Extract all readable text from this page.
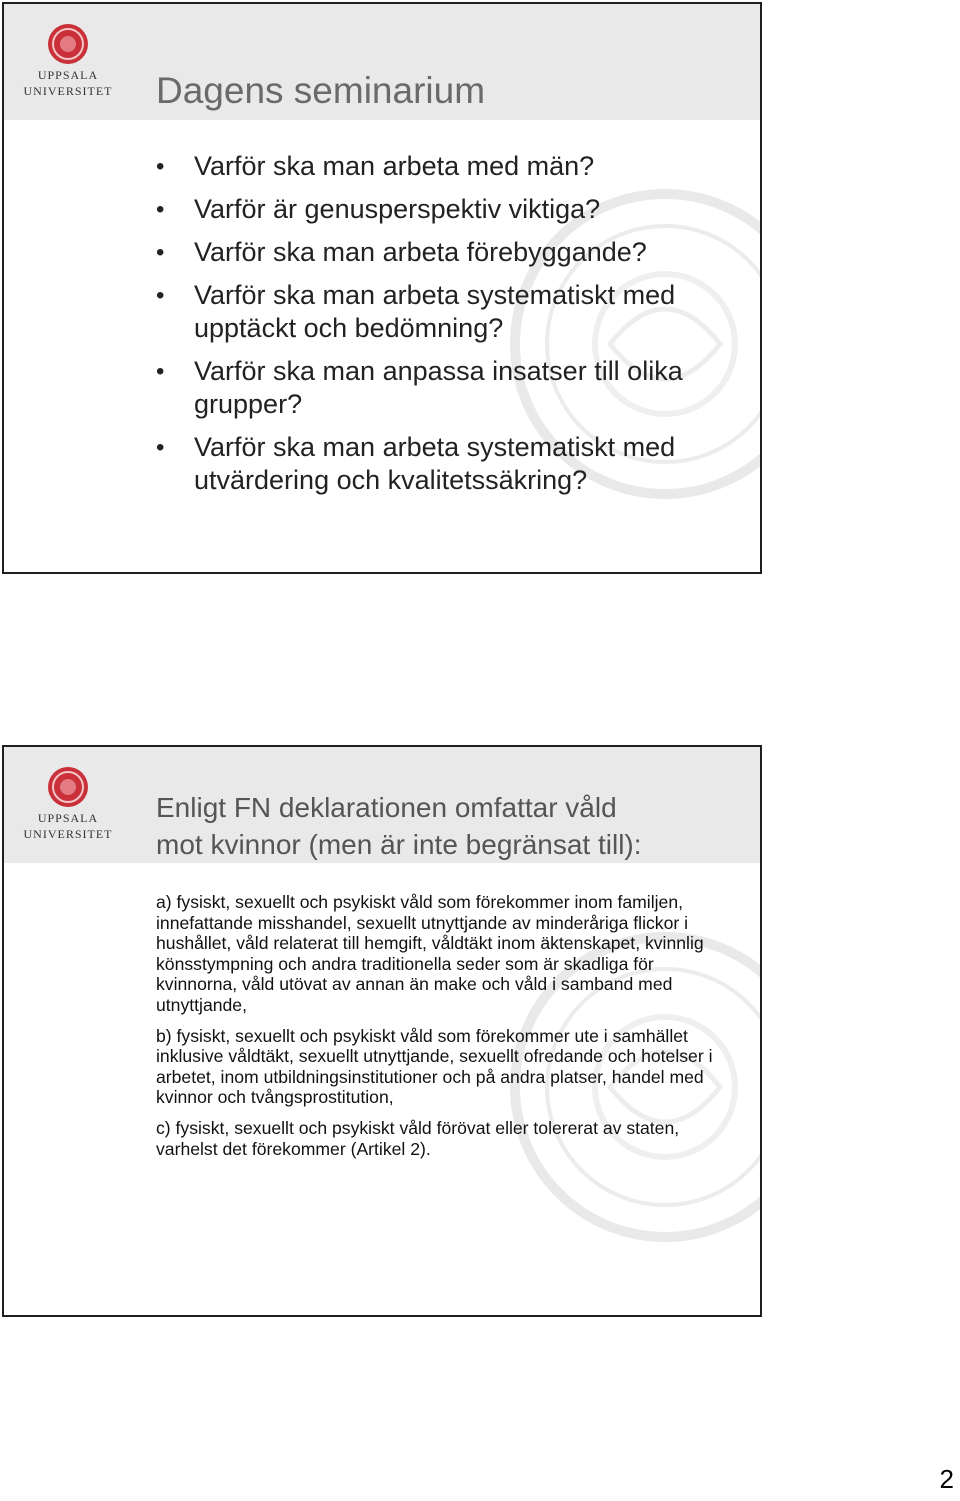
UPPSALA
UNIVERSITET Dagens seminarium
• Varför ska man arbeta med män?
• Varför är genusperspektiv viktiga?
• Varför ska man arbeta förebyggande?
• Varför ska man arbeta systematiskt med upptäckt och bedömning?
• Varför ska man anpassa insatser till olika grupper?
• Varför ska man arbeta systematiskt med utvärdering och kvalitetssäkring?
UPPSALA
UNIVERSITET
Enligt FN deklarationen omfattar våld
mot kvinnor (men är inte begränsat till):

a) fysiskt, sexuellt och psykiskt våld som förekommer inom familjen, innefattande misshandel, sexuellt utnyttjande av minderåriga flickor i hushållet, våld relaterat till hemgift, våldtäkt inom äktenskapet, kvinnlig könsstympning och andra traditionella seder som är skadliga för kvinnorna, våld utövat av annan än make och våld i samband med utnyttjande,

b) fysiskt, sexuellt och psykiskt våld som förekommer ute i samhället inklusive våldtäkt, sexuellt utnyttjande, sexuellt ofredande och hotelser i arbetet, inom utbildningsinstitutioner och på andra platser, handel med kvinnor och tvångsprostitution,

c) fysiskt, sexuellt och psykiskt våld förövat eller tolererat av staten, varhelst det förekommer (Artikel 2).

2
